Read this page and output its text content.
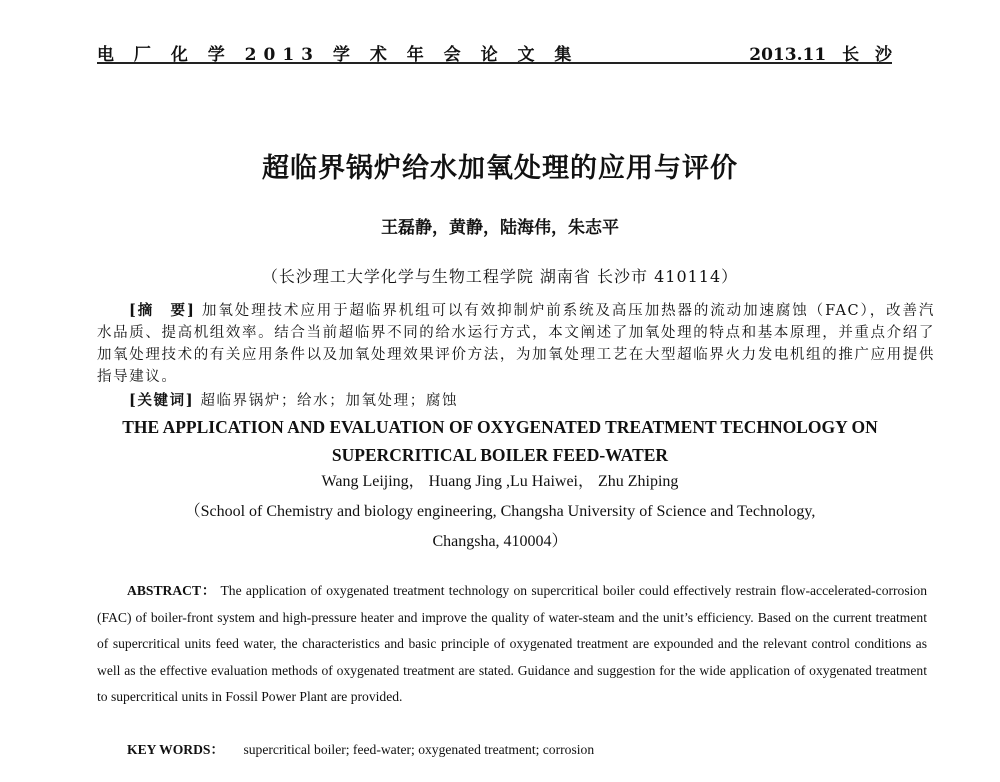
电 厂 化 学 2013 学 术 年 会 论 文 集	2013.11 长 沙
超临界锅炉给水加氧处理的应用与评价
王磊静，黄静，陆海伟，朱志平
（长沙理工大学化学与生物工程学院 湖南省 长沙市 410114）
[摘　要] 加氧处理技术应用于超临界机组可以有效抑制炉前系统及高压加热器的流动加速腐蚀（FAC），改善汽水品质、提高机组效率。结合当前超临界不同的给水运行方式，本文阐述了加氧处理的特点和基本原理，并重点介绍了加氧处理技术的有关应用条件以及加氧处理效果评价方法，为加氧处理工艺在大型超临界火力发电机组的推广应用提供指导建议。
[关键词] 超临界锅炉；给水；加氧处理；腐蚀
THE APPLICATION AND EVALUATION OF OXYGENATED TREATMENT TECHNOLOGY ON
SUPERCRITICAL BOILER FEED-WATER
Wang Leijing， Huang Jing ,Lu Haiwei， Zhu Zhiping
（School of Chemistry and biology engineering, Changsha University of Science and Technology,
Changsha, 410004）
ABSTRACT： The application of oxygenated treatment technology on supercritical boiler could effectively restrain flow-accelerated-corrosion (FAC) of boiler-front system and high-pressure heater and improve the quality of water-steam and the unit’s efficiency. Based on the current treatment of supercritical units feed water, the characteristics and basic principle of oxygenated treatment are expounded and the relevant control conditions as well as the effective evaluation methods of oxygenated treatment are stated. Guidance and suggestion for the wide application of oxygenated treatment to supercritical units in Fossil Power Plant are provided.
KEY WORDS： supercritical boiler; feed-water; oxygenated treatment; corrosion
